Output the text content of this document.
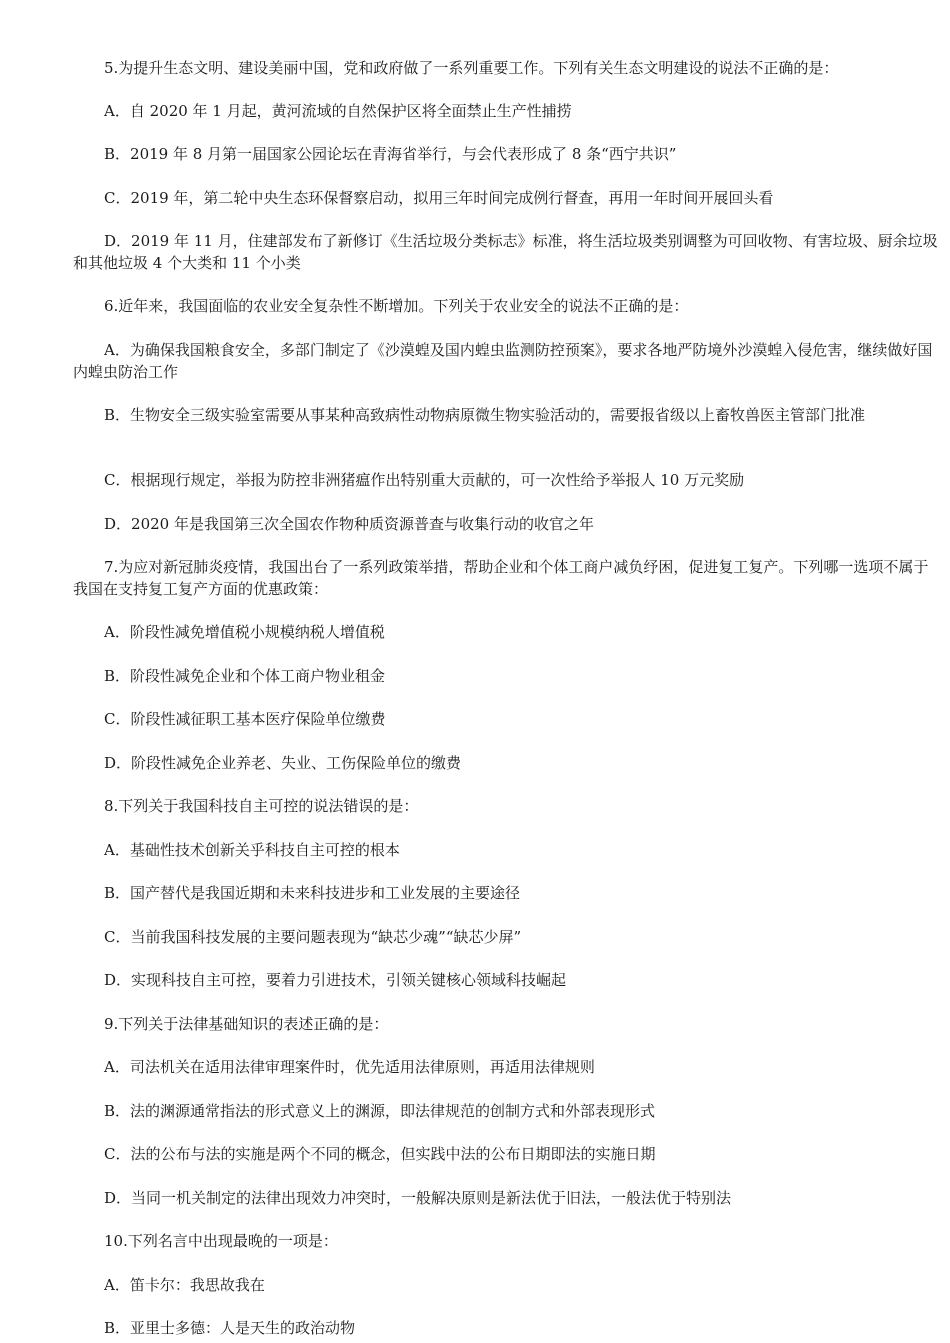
5.为提升生态文明、建设美丽中国，党和政府做了一系列重要工作。下列有关生态文明建设的说法不正确的是：

A．自 2020 年 1 月起，黄河流域的自然保护区将全面禁止生产性捕捞

B．2019 年 8 月第一届国家公园论坛在青海省举行，与会代表形成了 8 条“西宁共识”

C．2019 年，第二轮中央生态环保督察启动，拟用三年时间完成例行督查，再用一年时间开展回头看

D．2019 年 11 月，住建部发布了新修订《生活垃圾分类标志》标准，将生活垃圾类别调整为可回收物、有害垃圾、厨余垃圾和其他垃圾 4 个大类和 11 个小类

6.近年来，我国面临的农业安全复杂性不断增加。下列关于农业安全的说法不正确的是：

A．为确保我国粮食安全，多部门制定了《沙漠蝗及国内蝗虫监测防控预案》，要求各地严防境外沙漠蝗入侵危害，继续做好国内蝗虫防治工作

B．生物安全三级实验室需要从事某种高致病性动物病原微生物实验活动的，需要报省级以上畜牧兽医主管部门批准

C．根据现行规定，举报为防控非洲猪瘟作出特别重大贡献的，可一次性给予举报人 10 万元奖励

D．2020 年是我国第三次全国农作物种质资源普查与收集行动的收官之年

7.为应对新冠肺炎疫情，我国出台了一系列政策举措，帮助企业和个体工商户减负纾困，促进复工复产。下列哪一选项不属于我国在支持复工复产方面的优惠政策：

A．阶段性减免增值税小规模纳税人增值税

B．阶段性减免企业和个体工商户物业租金

C．阶段性减征职工基本医疗保险单位缴费

D．阶段性减免企业养老、失业、工伤保险单位的缴费

8.下列关于我国科技自主可控的说法错误的是：

A．基础性技术创新关乎科技自主可控的根本

B．国产替代是我国近期和未来科技进步和工业发展的主要途径

C．当前我国科技发展的主要问题表现为“缺芯少魂”“缺芯少屏”

D．实现科技自主可控，要着力引进技术，引领关键核心领域科技崛起

9.下列关于法律基础知识的表述正确的是：

A．司法机关在适用法律审理案件时，优先适用法律原则，再适用法律规则

B．法的渊源通常指法的形式意义上的渊源，即法律规范的创制方式和外部表现形式

C．法的公布与法的实施是两个不同的概念，但实践中法的公布日期即法的实施日期

D．当同一机关制定的法律出现效力冲突时，一般解决原则是新法优于旧法，一般法优于特别法

10.下列名言中出现最晚的一项是：

A．笛卡尔：我思故我在

B．亚里士多德：人是天生的政治动物
